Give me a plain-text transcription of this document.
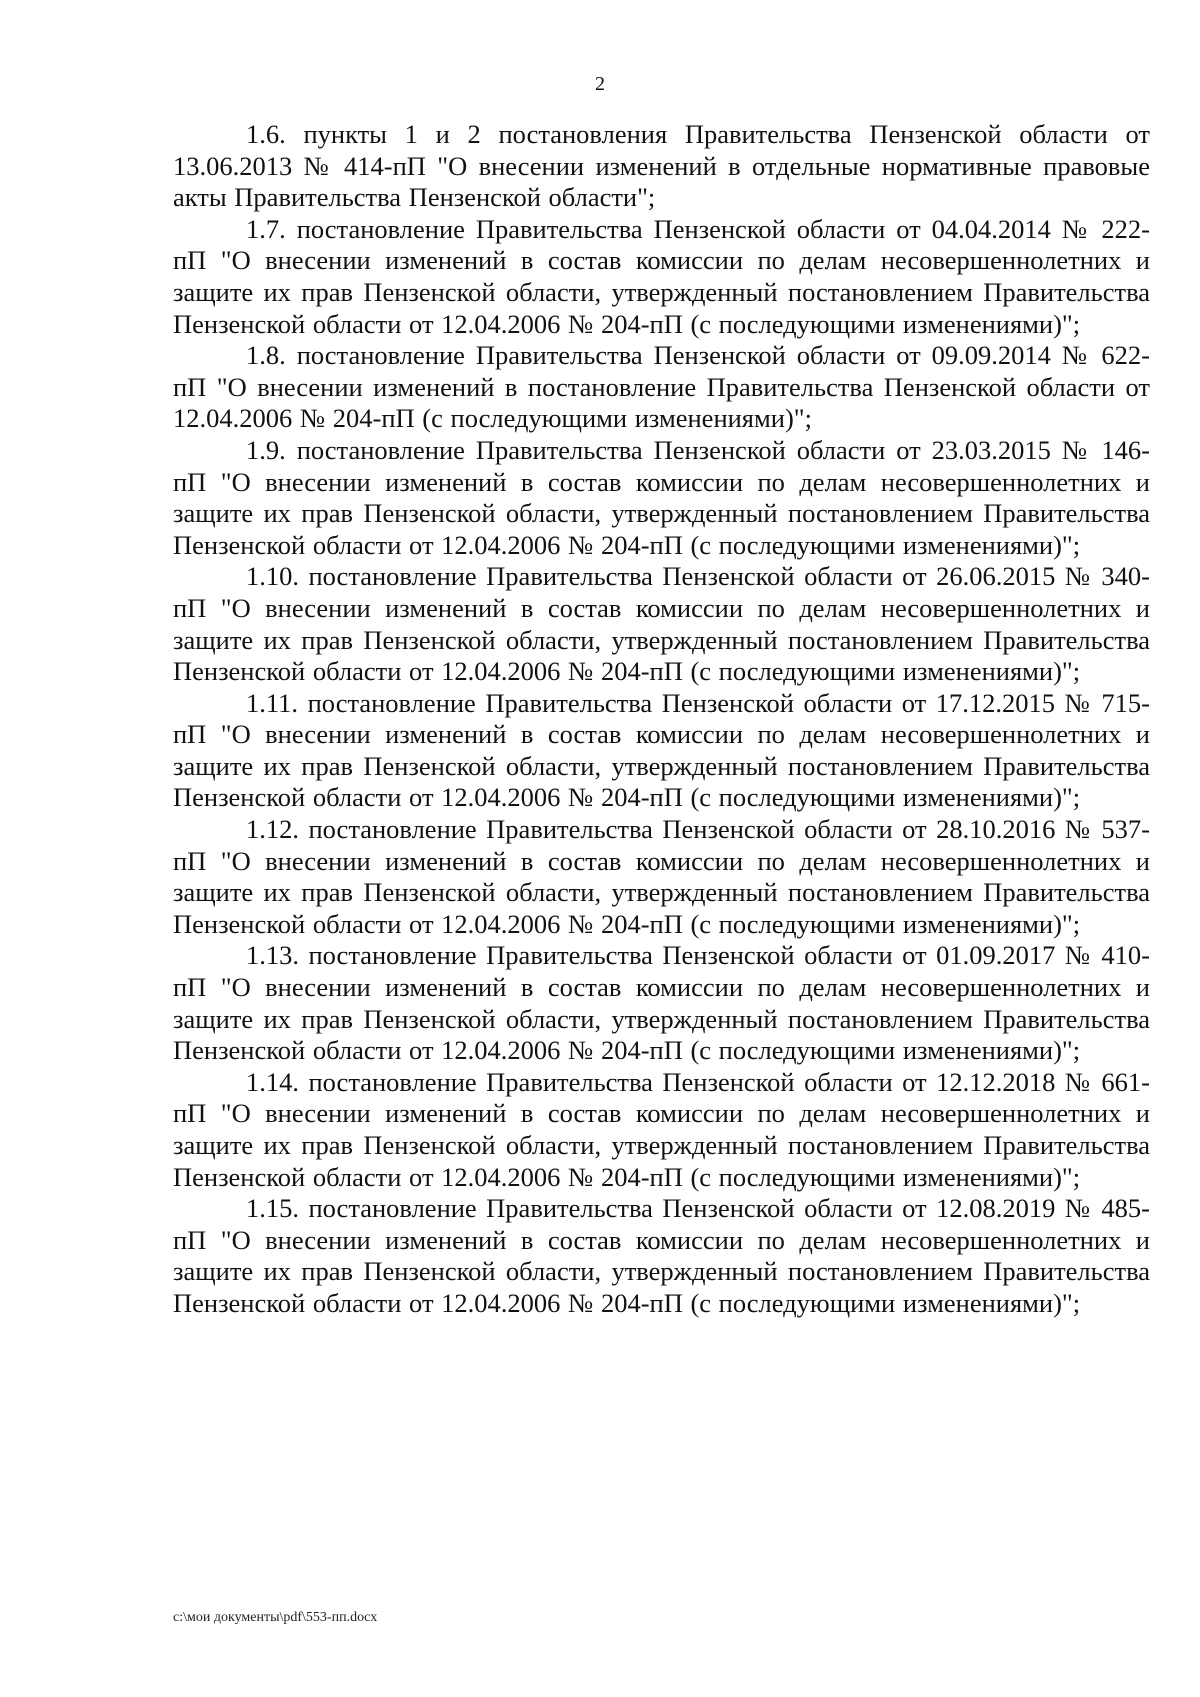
2

1.6. пункты 1 и 2 постановления Правительства Пензенской области от 13.06.2013 № 414-пП "О внесении изменений в отдельные нормативные правовые акты Правительства Пензенской области";

1.7. постановление Правительства Пензенской области от 04.04.2014 № 222-пП "О внесении изменений в состав комиссии по делам несовершеннолетних и защите их прав Пензенской области, утвержденный постановлением Правительства Пензенской области от 12.04.2006 № 204-пП (с последующими изменениями)";

1.8. постановление Правительства Пензенской области от 09.09.2014 № 622-пП "О внесении изменений в постановление Правительства Пензенской области от 12.04.2006 № 204-пП (с последующими изменениями)";

1.9. постановление Правительства Пензенской области от 23.03.2015 № 146-пП "О внесении изменений в состав комиссии по делам несовершеннолетних и защите их прав Пензенской области, утвержденный постановлением Правительства Пензенской области от 12.04.2006 № 204-пП (с последующими изменениями)";

1.10. постановление Правительства Пензенской области от 26.06.2015 № 340-пП "О внесении изменений в состав комиссии по делам несовершеннолетних и защите их прав Пензенской области, утвержденный постановлением Правительства Пензенской области от 12.04.2006 № 204-пП (с последующими изменениями)";

1.11. постановление Правительства Пензенской области от 17.12.2015 № 715-пП "О внесении изменений в состав комиссии по делам несовершеннолетних и защите их прав Пензенской области, утвержденный постановлением Правительства Пензенской области от 12.04.2006 № 204-пП (с последующими изменениями)";

1.12. постановление Правительства Пензенской области от 28.10.2016 № 537-пП "О внесении изменений в состав комиссии по делам несовершеннолетних и защите их прав Пензенской области, утвержденный постановлением Правительства Пензенской области от 12.04.2006 № 204-пП (с последующими изменениями)";

1.13. постановление Правительства Пензенской области от 01.09.2017 № 410-пП "О внесении изменений в состав комиссии по делам несовершеннолетних и защите их прав Пензенской области, утвержденный постановлением Правительства Пензенской области от 12.04.2006 № 204-пП (с последующими изменениями)";

1.14. постановление Правительства Пензенской области от 12.12.2018 № 661-пП "О внесении изменений в состав комиссии по делам несовершеннолетних и защите их прав Пензенской области, утвержденный постановлением Правительства Пензенской области от 12.04.2006 № 204-пП (с последующими изменениями)";

1.15. постановление Правительства Пензенской области от 12.08.2019 № 485-пП "О внесении изменений в состав комиссии по делам несовершеннолетних и защите их прав Пензенской области, утвержденный постановлением Правительства Пензенской области от 12.04.2006 № 204-пП (с последующими изменениями)";

c:\мои документы\pdf\553-пп.docx
